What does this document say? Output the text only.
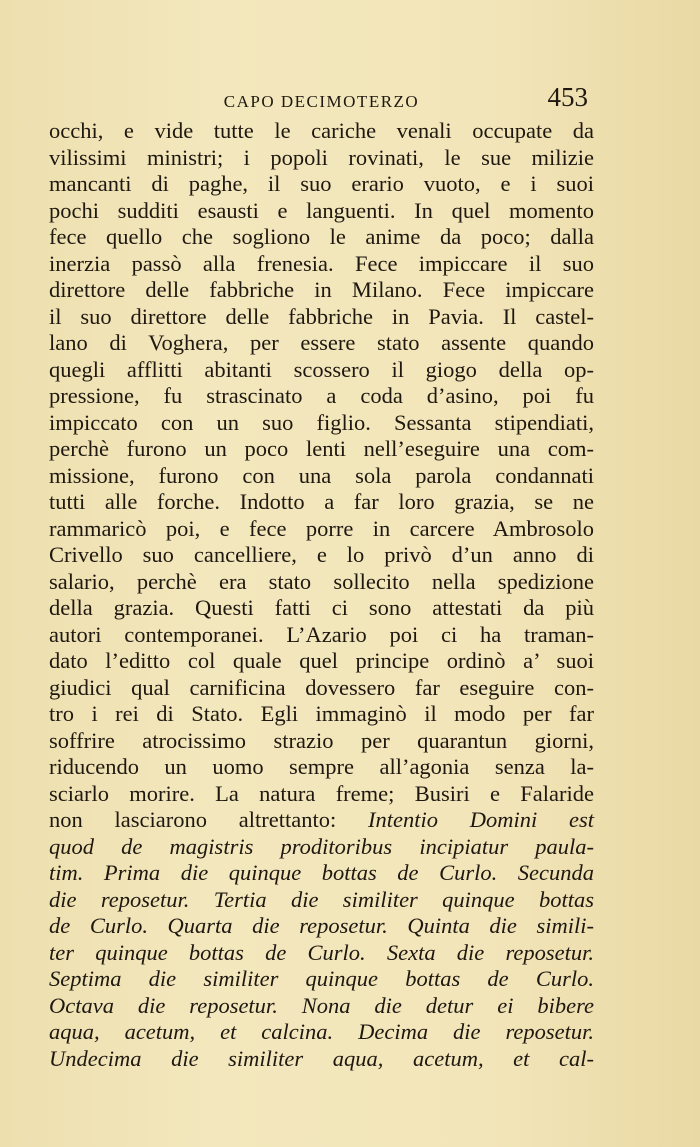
CAPO DECIMOTERZO	453
occhi, e vide tutte le cariche venali occupate da
vilissimi ministri; i popoli rovinati, le sue milizie
mancanti di paghe, il suo erario vuoto, e i suoi
pochi sudditi esausti e languenti. In quel momento
fece quello che sogliono le anime da poco; dalla
inerzia passò alla frenesia. Fece impiccare il suo
direttore delle fabbriche in Milano. Fece impiccare
il suo direttore delle fabbriche in Pavia. Il castel-
lano di Voghera, per essere stato assente quando
quegli afflitti abitanti scossero il giogo della op-
pressione, fu strascinato a coda d’asino, poi fu
impiccato con un suo figlio. Sessanta stipendiati,
perchè furono un poco lenti nell’eseguire una com-
missione, furono con una sola parola condannati
tutti alle forche. Indotto a far loro grazia, se ne
rammaricò poi, e fece porre in carcere Ambrosolo
Crivello suo cancelliere, e lo privò d’un anno di
salario, perchè era stato sollecito nella spedizione
della grazia. Questi fatti ci sono attestati da più
autori contemporanei. L’Azario poi ci ha traman-
dato l’editto col quale quel principe ordinò a’ suoi
giudici qual carnificina dovessero far eseguire con-
tro i rei di Stato. Egli immaginò il modo per far
soffrire atrocissimo strazio per quarantun giorni,
riducendo un uomo sempre all’agonia senza la-
sciarlo morire. La natura freme; Busiri e Falaride
non lasciarono altrettanto: Intentio Domini est
quod de magistris proditoribus incipiatur paula-
tim. Prima die quinque bottas de Curlo. Secunda
die reposetur. Tertia die similiter quinque bottas
de Curlo. Quarta die reposetur. Quinta die simili-
ter quinque bottas de Curlo. Sexta die reposetur.
Septima die similiter quinque bottas de Curlo.
Octava die reposetur. Nona die detur ei bibere
aqua, acetum, et calcina. Decima die reposetur.
Undecima die similiter aqua, acetum, et cal-
